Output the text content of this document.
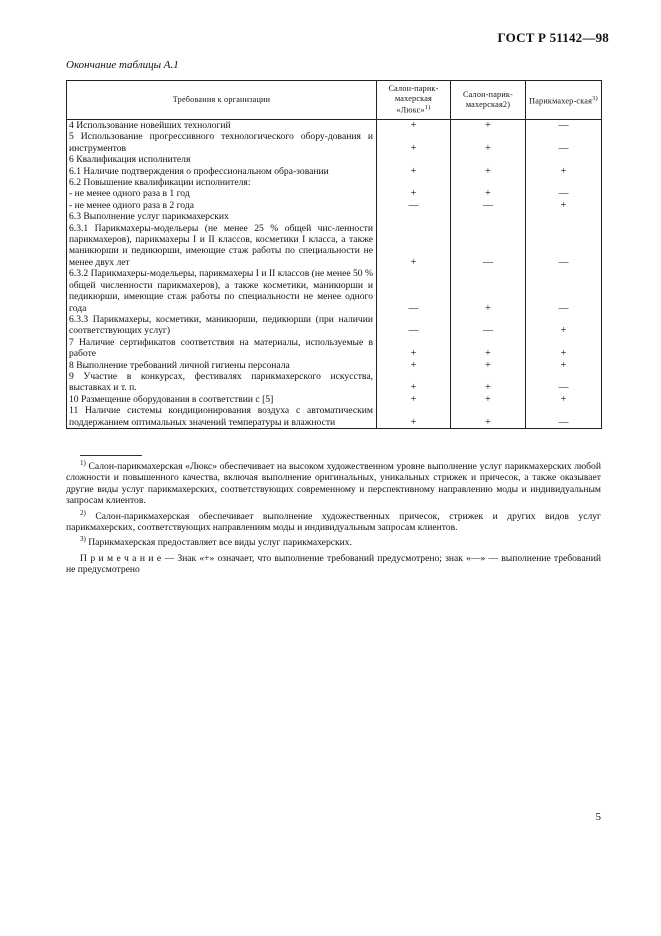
ГОСТ Р 51142—98
Окончание таблицы А.1
Требования к организации	Салон-парик-махерская «Люкс»$^{1)}$	Салон-парик-махерская2)	Парикмахер-ская$^{3)}$
4 Использование новейших технологий	+	+	—
5 Использование прогрессивного технологического обору-дования и инструментов	+	+	—
6 Квалификация исполнителя			
6.1 Наличие подтверждения о профессиональном обра-зовании	+	+	+
6.2 Повышение квалификации исполнителя:			
- не менее одного раза в 1 год	+	+	—
- не менее одного раза в 2 года	—	—	+
6.3 Выполнение услуг парикмахерских			
6.3.1 Парикмахеры-модельеры (не менее 25 % общей чис-ленности парикмахеров), парикмахеры I и II классов, косметики I класса, а также маникюрши и педикюрши, имеющие стаж работы по специальности не менее двух лет	+	—	—
6.3.2 Парикмахеры-модельеры, парикмахеры I и II классов (не менее 50 % общей численности парикмахеров), а также косметики, маникюрши и педикюрши, имеющие стаж работы по специальности не менее одного года	—	+	—
6.3.3 Парикмахеры, косметики, маникюрши, педикюрши (при наличии соответствующих услуг)	—	—	+
7 Наличие сертификатов соответствия на материалы, используемые в работе	+	+	+
8 Выполнение требований личной гигиены персонала	+	+	+
9 Участие в конкурсах, фестивалях парикмахерского искусства, выставках и т. п.	+	+	—
10 Размещение оборудования в соответствии с [5]	+	+	+
11 Наличие системы кондиционирования воздуха с автоматическим поддержанием оптимальных значений температуры и влажности	+	+	—

$^{1)}$ Салон-парикмахерская «Люкс» обеспечивает на высоком художественном уровне выполнение услуг парикмахерских любой сложности и повышенного качества, включая выполнение оригинальных, уникальных стрижек и причесок, а также оказывает другие виды услуг парикмахерских, соответствующих современному и перспективному направлению моды и индивидуальным запросам клиентов.

$^{2)}$ Салон-парикмахерская обеспечивает выполнение художественных причесок, стрижек и других видов услуг парикмахерских, соответствующих направлениям моды и индивидуальным запросам клиентов.

$^{3)}$ Парикмахерская предоставляет все виды услуг парикмахерских.

Примечание— Знак «+» означает, что выполнение требований предусмотрено; знак «—» — выполнение требований не предусмотрено
5
